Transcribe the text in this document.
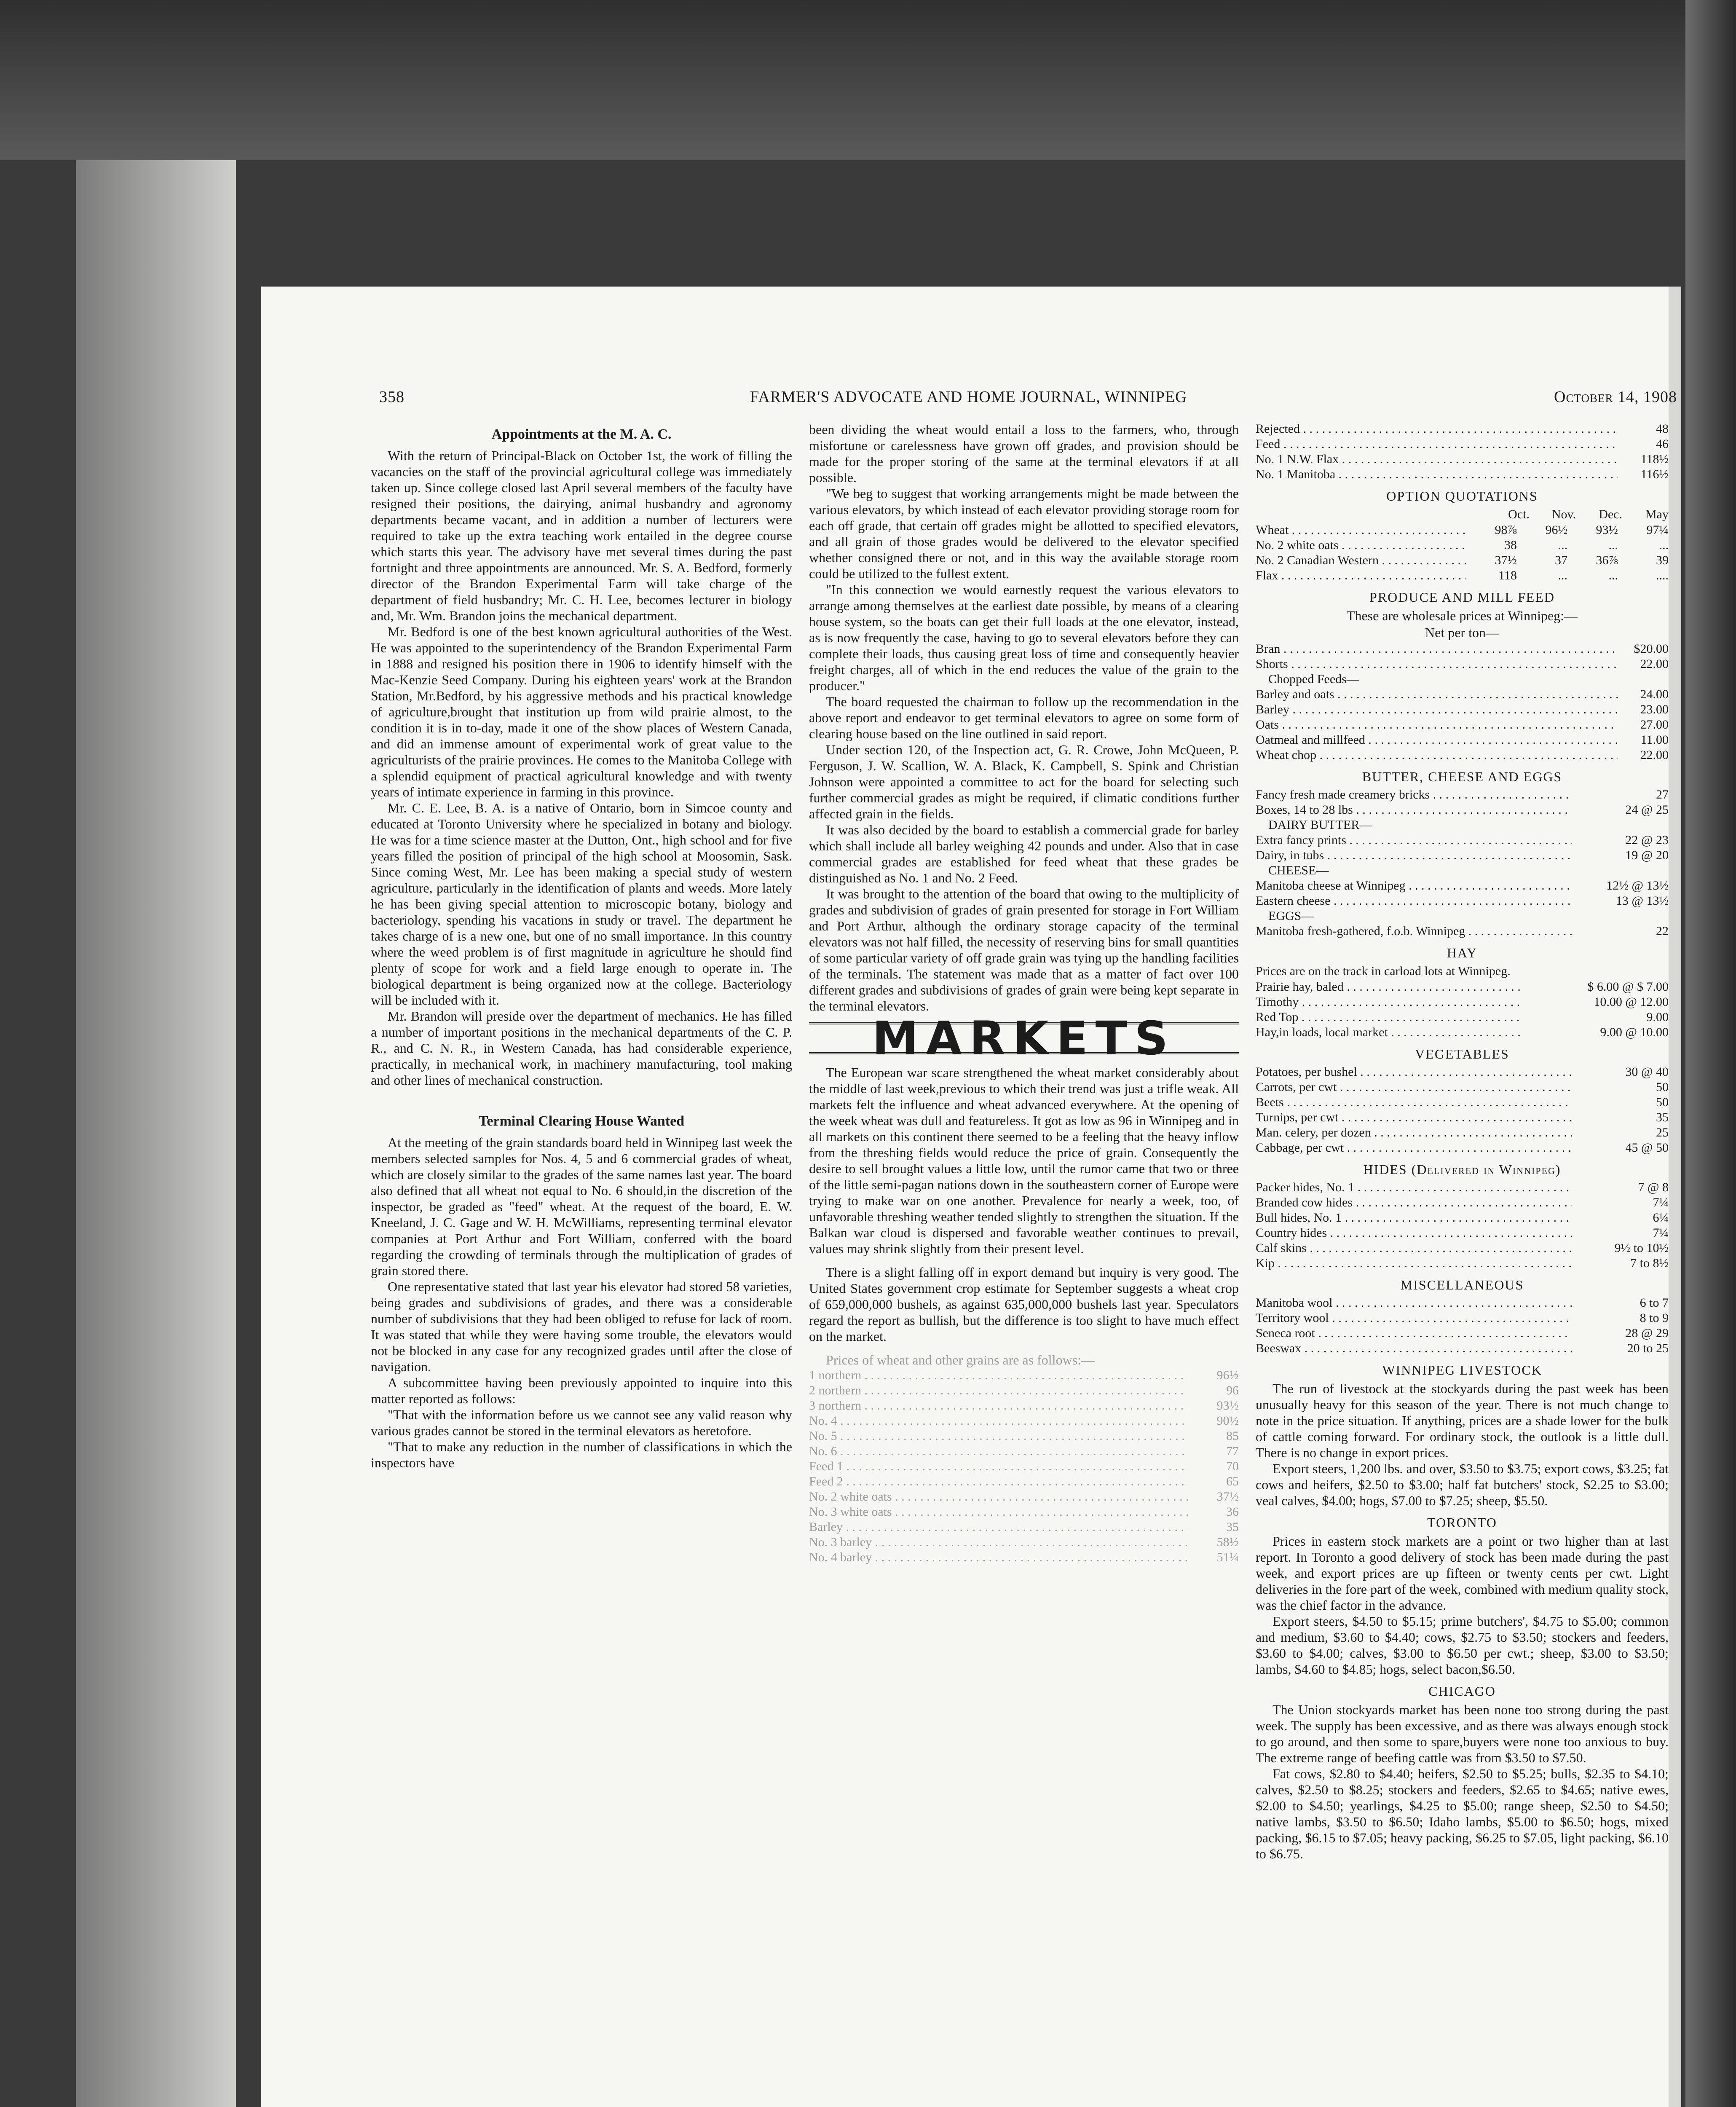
358	FARMER'S ADVOCATE AND HOME JOURNAL, WINNIPEG	October 14, 1908
Appointments at the M. A. C.

With the return of Principal-Black on October 1st, the work of filling the vacancies on the staff of the provincial agricultural college was immediately taken up. Since college closed last April several members of the faculty have resigned their positions, the dairying, animal husbandry and agronomy departments became vacant, and in addition a number of lecturers were required to take up the extra teaching work entailed in the degree course which starts this year. The advisory have met several times during the past fortnight and three appointments are announced. Mr. S. A. Bedford, formerly director of the Brandon Experimental Farm will take charge of the department of field husbandry; Mr. C. H. Lee, becomes lecturer in biology and, Mr. Wm. Brandon joins the mechanical department.

Mr. Bedford is one of the best known agricultural authorities of the West. He was appointed to the superintendency of the Brandon Experimental Farm in 1888 and resigned his position there in 1906 to identify himself with the Mac-Kenzie Seed Company. During his eighteen years' work at the Brandon Station, Mr.Bedford, by his aggressive methods and his practical knowledge of agriculture,brought that institution up from wild prairie almost, to the condition it is in to-day, made it one of the show places of Western Canada, and did an immense amount of experimental work of great value to the agriculturists of the prairie provinces. He comes to the Manitoba College with a splendid equipment of practical agricultural knowledge and with twenty years of intimate experience in farming in this province.

Mr. C. E. Lee, B. A. is a native of Ontario, born in Simcoe county and educated at Toronto University where he specialized in botany and biology. He was for a time science master at the Dutton, Ont., high school and for five years filled the position of principal of the high school at Moosomin, Sask. Since coming West, Mr. Lee has been making a special study of western agriculture, particularly in the identification of plants and weeds. More lately he has been giving special attention to microscopic botany, biology and bacteriology, spending his vacations in study or travel. The department he takes charge of is a new one, but one of no small importance. In this country where the weed problem is of first magnitude in agriculture he should find plenty of scope for work and a field large enough to operate in. The biological department is being organized now at the college. Bacteriology will be included with it.

Mr. Brandon will preside over the department of mechanics. He has filled a number of important positions in the mechanical departments of the C. P. R., and C. N. R., in Western Canada, has had considerable experience, practically, in mechanical work, in machinery manufacturing, tool making and other lines of mechanical construction.

Terminal Clearing House Wanted

At the meeting of the grain standards board held in Winnipeg last week the members selected samples for Nos. 4, 5 and 6 commercial grades of wheat, which are closely similar to the grades of the same names last year. The board also defined that all wheat not equal to No. 6 should,in the discretion of the inspector, be graded as "feed" wheat. At the request of the board, E. W. Kneeland, J. C. Gage and W. H. McWilliams, representing terminal elevator companies at Port Arthur and Fort William, conferred with the board regarding the crowding of terminals through the multiplication of grades of grain stored there.

One representative stated that last year his elevator had stored 58 varieties, being grades and subdivisions of grades, and there was a considerable number of subdivisions that they had been obliged to refuse for lack of room. It was stated that while they were having some trouble, the elevators would not be blocked in any case for any recognized grades until after the close of navigation.

A subcommittee having been previously appointed to inquire into this matter reported as follows:

"That with the information before us we cannot see any valid reason why various grades cannot be stored in the terminal elevators as heretofore.

"That to make any reduction in the number of classifications in which the inspectors have

been dividing the wheat would entail a loss to the farmers, who, through misfortune or carelessness have grown off grades, and provision should be made for the proper storing of the same at the terminal elevators if at all possible.

"We beg to suggest that working arrangements might be made between the various elevators, by which instead of each elevator providing storage room for each off grade, that certain off grades might be allotted to specified elevators, and all grain of those grades would be delivered to the elevator specified whether consigned there or not, and in this way the available storage room could be utilized to the fullest extent.

"In this connection we would earnestly request the various elevators to arrange among themselves at the earliest date possible, by means of a clearing house system, so the boats can get their full loads at the one elevator, instead, as is now frequently the case, having to go to several elevators before they can complete their loads, thus causing great loss of time and consequently heavier freight charges, all of which in the end reduces the value of the grain to the producer."

The board requested the chairman to follow up the recommendation in the above report and endeavor to get terminal elevators to agree on some form of clearing house based on the line outlined in said report.

Under section 120, of the Inspection act, G. R. Crowe, John McQueen, P. Ferguson, J. W. Scallion, W. A. Black, K. Campbell, S. Spink and Christian Johnson were appointed a committee to act for the board for selecting such further commercial grades as might be required, if climatic conditions further affected grain in the fields.

It was also decided by the board to establish a commercial grade for barley which shall include all barley weighing 42 pounds and under. Also that in case commercial grades are established for feed wheat that these grades be distinguished as No. 1 and No. 2 Feed.

It was brought to the attention of the board that owing to the multiplicity of grades and subdivision of grades of grain presented for storage in Fort William and Port Arthur, although the ordinary storage capacity of the terminal elevators was not half filled, the necessity of reserving bins for small quantities of some particular variety of off grade grain was tying up the handling facilities of the terminals. The statement was made that as a matter of fact over 100 different grades and subdivisions of grades of grain were being kept separate in the terminal elevators.

MARKETS

The European war scare strengthened the wheat market considerably about the middle of last week,previous to which their trend was just a trifle weak. All markets felt the influence and wheat advanced everywhere. At the opening of the week wheat was dull and featureless. It got as low as 96 in Winnipeg and in all markets on this continent there seemed to be a feeling that the heavy inflow from the threshing fields would reduce the price of grain. Consequently the desire to sell brought values a little low, until the rumor came that two or three of the little semi-pagan nations down in the southeastern corner of Europe were trying to make war on one another. Prevalence for nearly a week, too, of unfavorable threshing weather tended slightly to strengthen the situation. If the Balkan war cloud is dispersed and favorable weather continues to prevail, values may shrink slightly from their present level.

There is a slight falling off in export demand but inquiry is very good. The United States government crop estimate for September suggests a wheat crop of 659,000,000 bushels, as against 635,000,000 bushels last year. Speculators regard the report as bullish, but the difference is too slight to have much effect on the market.

Prices of wheat and other grains are as follows:—

1 northern . . .	96½
2 northern . . .	96
3 northern . . .	93½
No. 4 . . .	90½
No. 5 . . .	85
No. 6 . . .	77
Feed 1 . . .	70
Feed 2 . . .	65
No. 2 white oats . . .	37½
No. 3 white oats . . .	36
Barley . . .	35
No. 3 barley . . .	58½
No. 4 barley . . .	51¼
Rejected . . .	48
Feed . . .	46
No. 1 N.W. Flax . . .	118½
No. 1 Manitoba . . .	116½
OPTION QUOTATIONS
Oct.	Nov.	Dec.	May
Wheat . . .	98⅞	96½	93½	97¼
No. 2 white oats . . .	38	...	...	...
No. 2 Canadian Western . . .	37½	37	36⅞	39
Flax . . .	118	...	...	....
PRODUCE AND MILL FEED
These are wholesale prices at Winnipeg:—
Net per ton—
Bran . . .	$20.00
Shorts . . .	22.00
Chopped Feeds—
Barley and oats . . .	24.00
Barley . . .	23.00
Oats . . .	27.00
Oatmeal and millfeed . . .	11.00
Wheat chop . . .	22.00
BUTTER, CHEESE AND EGGS
Fancy fresh made creamery bricks . . .	27
Boxes, 14 to 28 lbs . . .	24 @ 25
DAIRY BUTTER—
Extra fancy prints . . .	22 @ 23
Dairy, in tubs . . .	19 @ 20
CHEESE—
Manitoba cheese at Winnipeg . . .	12½ @ 13½
Eastern cheese . . .	13 @ 13½
EGGS—
Manitoba fresh-gathered, f.o.b. Winnipeg . . .	22
HAY
Prices are on the track in carload lots at Winnipeg.
Prairie hay, baled . . .	$ 6.00 @ $ 7.00
Timothy . . .	10.00 @ 12.00
Red Top . . .	9.00
Hay,in loads, local market . . .	9.00 @ 10.00
VEGETABLES
Potatoes, per bushel . . .	30 @ 40
Carrots, per cwt . . .	50
Beets . . .	50
Turnips, per cwt . . .	35
Man. celery, per dozen . . .	25
Cabbage, per cwt . . .	45 @ 50
HIDES (Delivered in Winnipeg)
Packer hides, No. 1 . . .	7 @ 8
Branded cow hides . . .	7¼
Bull hides, No. 1 . . .	6¼
Country hides . . .	7¼
Calf skins . . .	9½ to 10½
Kip . . .	7 to 8½
MISCELLANEOUS
Manitoba wool . . .	6 to 7
Territory wool . . .	8 to 9
Seneca root . . .	28 @ 29
Beeswax . . .	20 to 25
WINNIPEG LIVESTOCK

The run of livestock at the stockyards during the past week has been unusually heavy for this season of the year. There is not much change to note in the price situation. If anything, prices are a shade lower for the bulk of cattle coming forward. For ordinary stock, the outlook is a little dull. There is no change in export prices.

Export steers, 1,200 lbs. and over, $3.50 to $3.75; export cows, $3.25; fat cows and heifers, $2.50 to $3.00; half fat butchers' stock, $2.25 to $3.00; veal calves, $4.00; hogs, $7.00 to $7.25; sheep, $5.50.

TORONTO

Prices in eastern stock markets are a point or two higher than at last report. In Toronto a good delivery of stock has been made during the past week, and export prices are up fifteen or twenty cents per cwt. Light deliveries in the fore part of the week, combined with medium quality stock, was the chief factor in the advance.

Export steers, $4.50 to $5.15; prime butchers', $4.75 to $5.00; common and medium, $3.60 to $4.40; cows, $2.75 to $3.50; stockers and feeders, $3.60 to $4.00; calves, $3.00 to $6.50 per cwt.; sheep, $3.00 to $3.50; lambs, $4.60 to $4.85; hogs, select bacon,$6.50.

CHICAGO

The Union stockyards market has been none too strong during the past week. The supply has been excessive, and as there was always enough stock to go around, and then some to spare,buyers were none too anxious to buy. The extreme range of beefing cattle was from $3.50 to $7.50.

Fat cows, $2.80 to $4.40; heifers, $2.50 to $5.25; bulls, $2.35 to $4.10; calves, $2.50 to $8.25; stockers and feeders, $2.65 to $4.65; native ewes, $2.00 to $4.50; yearlings, $4.25 to $5.00; range sheep, $2.50 to $4.50; native lambs, $3.50 to $6.50; Idaho lambs, $5.00 to $6.50; hogs, mixed packing, $6.15 to $7.05; heavy packing, $6.25 to $7.05, light packing, $6.10 to $6.75.
